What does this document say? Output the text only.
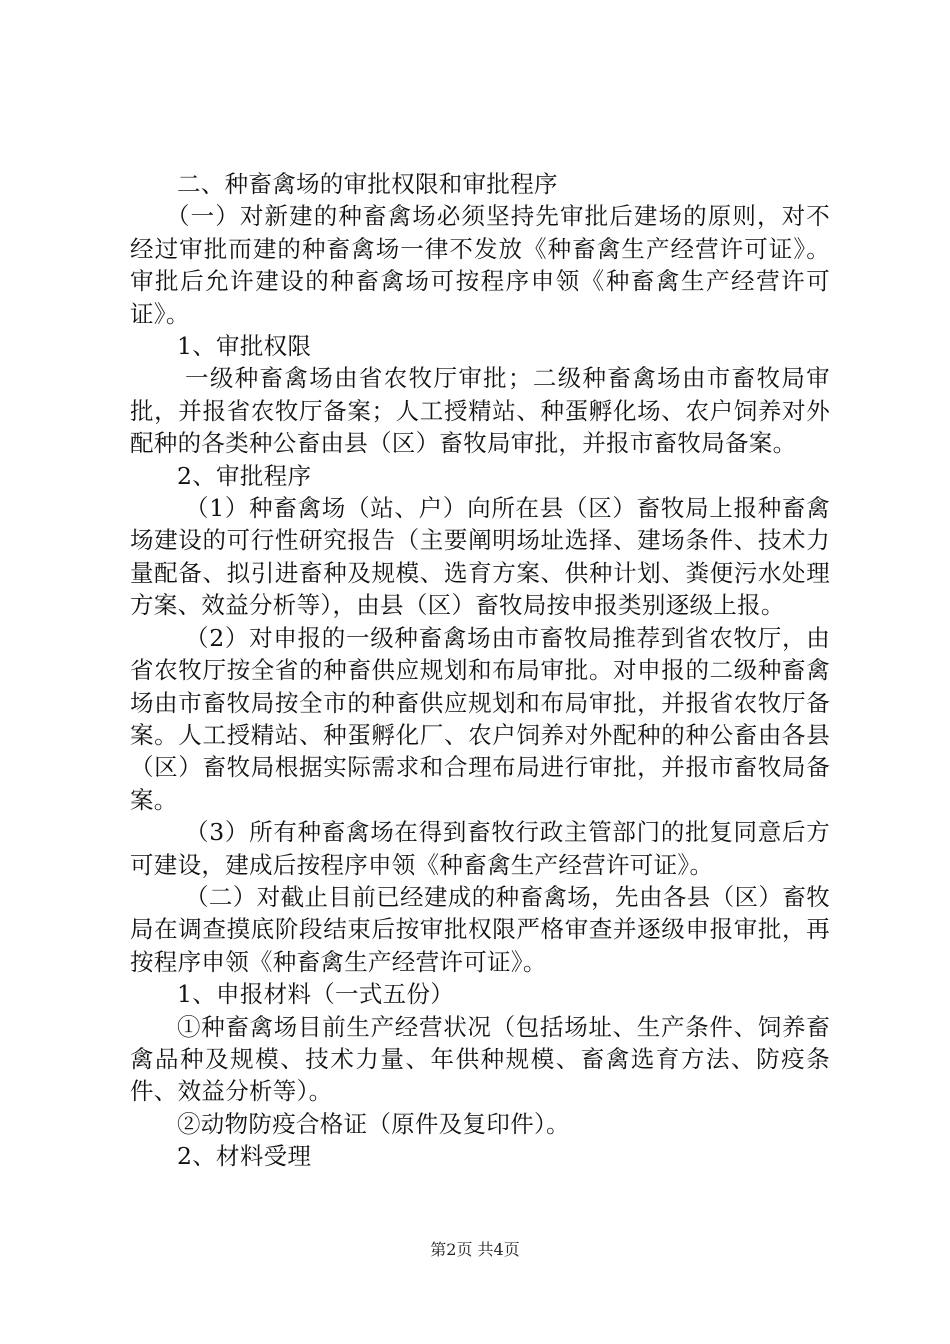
二、种畜禽场的审批权限和审批程序

（一）对新建的种畜禽场必须坚持先审批后建场的原则，对不经过审批而建的种畜禽场一律不发放《种畜禽生产经营许可证》。审批后允许建设的种畜禽场可按程序申领《种畜禽生产经营许可证》。

1、审批权限

一级种畜禽场由省农牧厅审批；二级种畜禽场由市畜牧局审批，并报省农牧厅备案；人工授精站、种蛋孵化场、农户饲养对外配种的各类种公畜由县（区）畜牧局审批，并报市畜牧局备案。

2、审批程序

（1）种畜禽场（站、户）向所在县（区）畜牧局上报种畜禽场建设的可行性研究报告（主要阐明场址选择、建场条件、技术力量配备、拟引进畜种及规模、选育方案、供种计划、粪便污水处理方案、效益分析等），由县（区）畜牧局按申报类别逐级上报。

（2）对申报的一级种畜禽场由市畜牧局推荐到省农牧厅，由省农牧厅按全省的种畜供应规划和布局审批。对申报的二级种畜禽场由市畜牧局按全市的种畜供应规划和布局审批，并报省农牧厅备案。人工授精站、种蛋孵化厂、农户饲养对外配种的种公畜由各县（区）畜牧局根据实际需求和合理布局进行审批，并报市畜牧局备案。

（3）所有种畜禽场在得到畜牧行政主管部门的批复同意后方可建设，建成后按程序申领《种畜禽生产经营许可证》。

（二）对截止目前已经建成的种畜禽场，先由各县（区）畜牧局在调查摸底阶段结束后按审批权限严格审查并逐级申报审批，再按程序申领《种畜禽生产经营许可证》。

1、申报材料（一式五份）

①种畜禽场目前生产经营状况（包括场址、生产条件、饲养畜禽品种及规模、技术力量、年供种规模、畜禽选育方法、防疫条件、效益分析等）。

②动物防疫合格证（原件及复印件）。

2、材料受理

第2页 共4页
